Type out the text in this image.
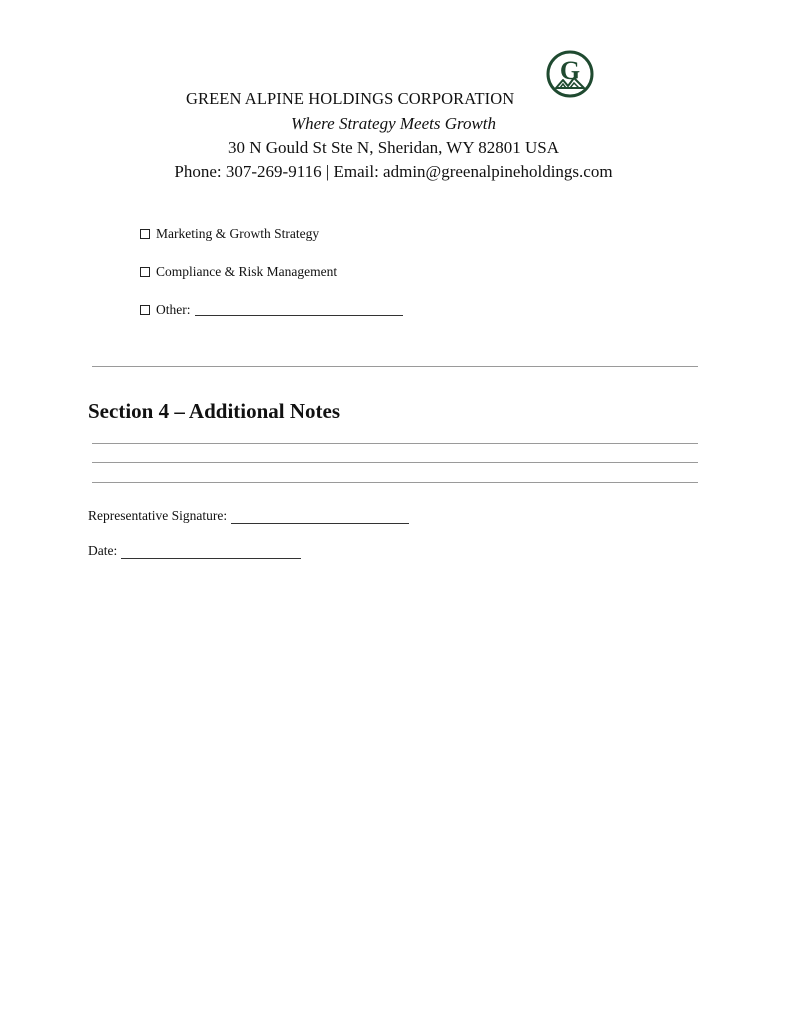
G
GREEN ALPINE HOLDINGS CORPORATION
Where Strategy Meets Growth
30 N Gould St Ste N, Sheridan, WY 82801 USA
Phone: 307-269-9116 | Email: admin@greenalpineholdings.com
Marketing & Growth Strategy
Compliance & Risk Management
Other:
Section 4 – Additional Notes
Representative Signature:
Date:
